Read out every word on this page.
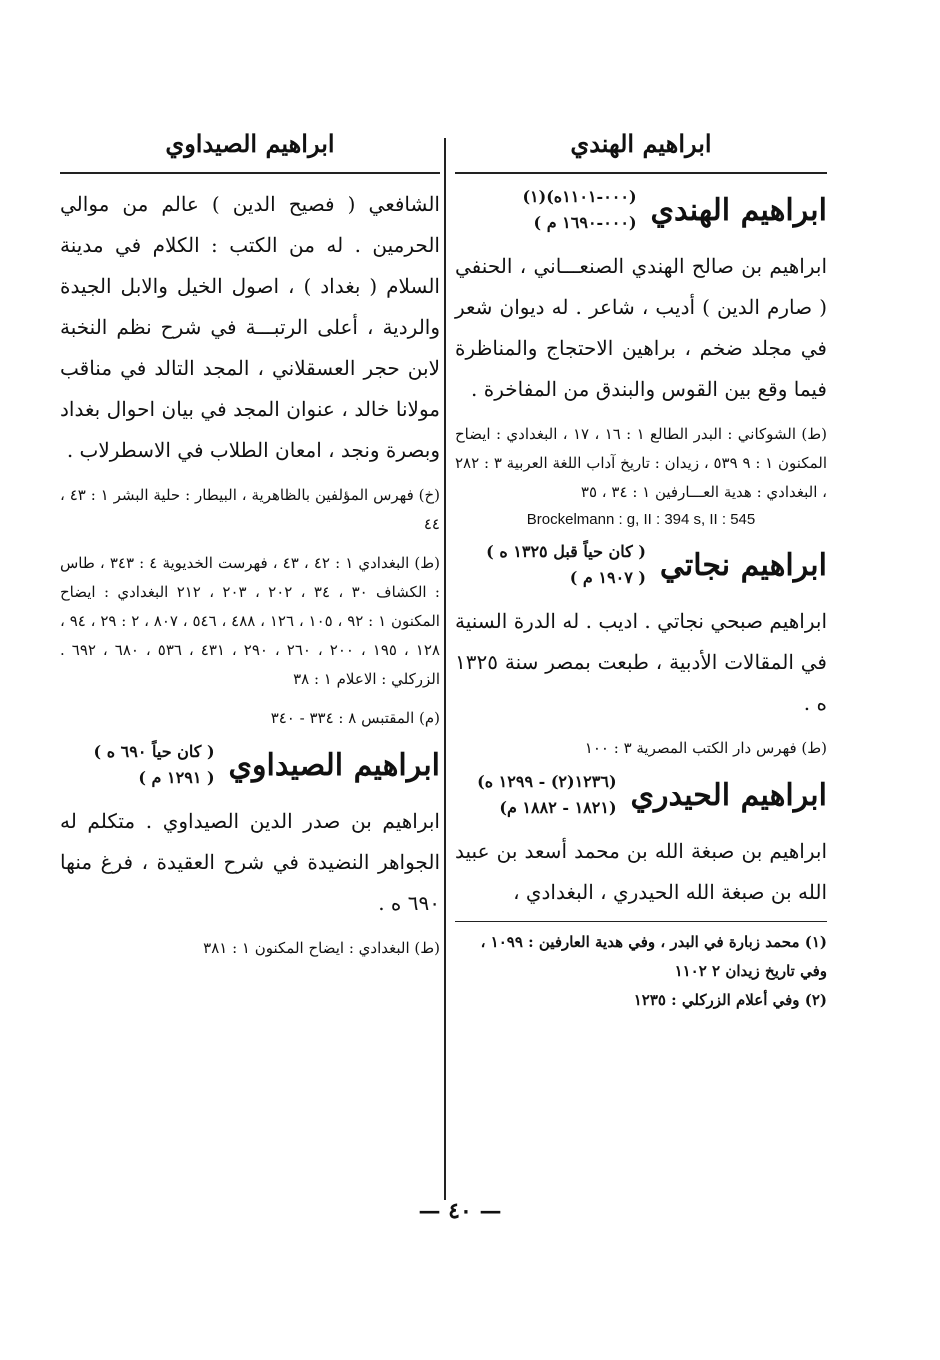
ابراهيم الهندي
ابراهيم الهندي
(٠٠٠-١١٠١ه)(١)
(٠٠٠-١٦٩٠ م )
ابراهيم بن صالح الهندي الصنعـــاني ، الحنفي ( صارم الدين ) أديب ، شاعر . له ديوان شعر في مجلد ضخم ، براهين الاحتجاج والمناظرة فيما وقع بين القوس والبندق من المفاخرة .
(ط) الشوكاني : البدر الطالع ١ : ١٦ ، ١٧ ، البغدادي : ايضاح المكنون ١ : ٩ ٥٣٩ ، زيدان : تاريخ آداب اللغة العربية ٣ : ٢٨٢ ، البغدادي : هدية العـــارفين ١ : ٣٤ ، ٣٥
Brockelmann : g, II : 394 s, II : 545
ابراهيم نجاتي
( كان حياً قبل ١٣٢٥ ه )
( ١٩٠٧ م )
ابراهيم صبحي نجاتي . اديب . له الدرة السنية في المقالات الأدبية ، طبعت بمصر سنة ١٣٢٥ ه .
(ط) فهرس دار الكتب المصرية ٣ : ١٠٠
ابراهيم الحيدري
(١٢٣٦(٢) - ١٢٩٩ ه)
(١٨٢١ - ١٨٨٢ م)
ابراهيم بن صبغة الله بن محمد أسعد بن عبيد الله بن صبغة الله الحيدري ، البغدادي ،
(١) محمد زبارة في البدر ، وفي هدية العارفين : ١٠٩٩ ، وفي تاريخ زيدان ٢ ١١٠٢
(٢) وفي أعلام الزركلي : ١٢٣٥
ابراهيم الصيداوي
الشافعي ( فصيح الدين ) عالم من موالي الحرمين . له من الكتب : الكلام في مدينة السلام ( بغداد ) ، اصول الخيل والابل الجيدة والردية ، أعلى الرتبـــة في شرح نظم النخبة لابن حجر العسقلاني ، المجد التالد في مناقب مولانا خالد ، عنوان المجد في بيان احوال بغداد وبصرة ونجد ، امعان الطلاب في الاسطرلاب .
(خ) فهرس المؤلفين بالظاهرية ، البيطار : حلية البشر ١ : ٤٣ ، ٤٤
(ط) البغدادي ١ : ٤٢ ، ٤٣ ، فهرست الخديوية ٤ : ٣٤٣ ، طاس : الكشاف ٣٠ ، ٣٤ ، ٢٠٢ ، ٢٠٣ ، ٢١٢ البغدادي : ايضاح المكنون ١ : ٩٢ ، ١٠٥ ، ١٢٦ ، ٤٨٨ ، ٥٤٦ ، ٨٠٧ ، ٢ : ٢٩ ، ٩٤ ، ١٢٨ ، ١٩٥ ، ٢٠٠ ، ٢٦٠ ، ٢٩٠ ، ٤٣١ ، ٥٣٦ ، ٦٨٠ ، ٦٩٢ . الزركلي : الاعلام ١ : ٣٨
(م) المقتبس ٨ : ٣٣٤ - ٣٤٠
ابراهيم الصيداوي
( كان حياً ٦٩٠ ه )
( ١٢٩١ م )
ابراهيم بن صدر الدين الصيداوي . متكلم له الجواهر النضيدة في شرح العقيدة ، فرغ منها ٦٩٠ ه .
(ط) البغدادي : ايضاح المكنون ١ : ٣٨١
— ٤٠ —
